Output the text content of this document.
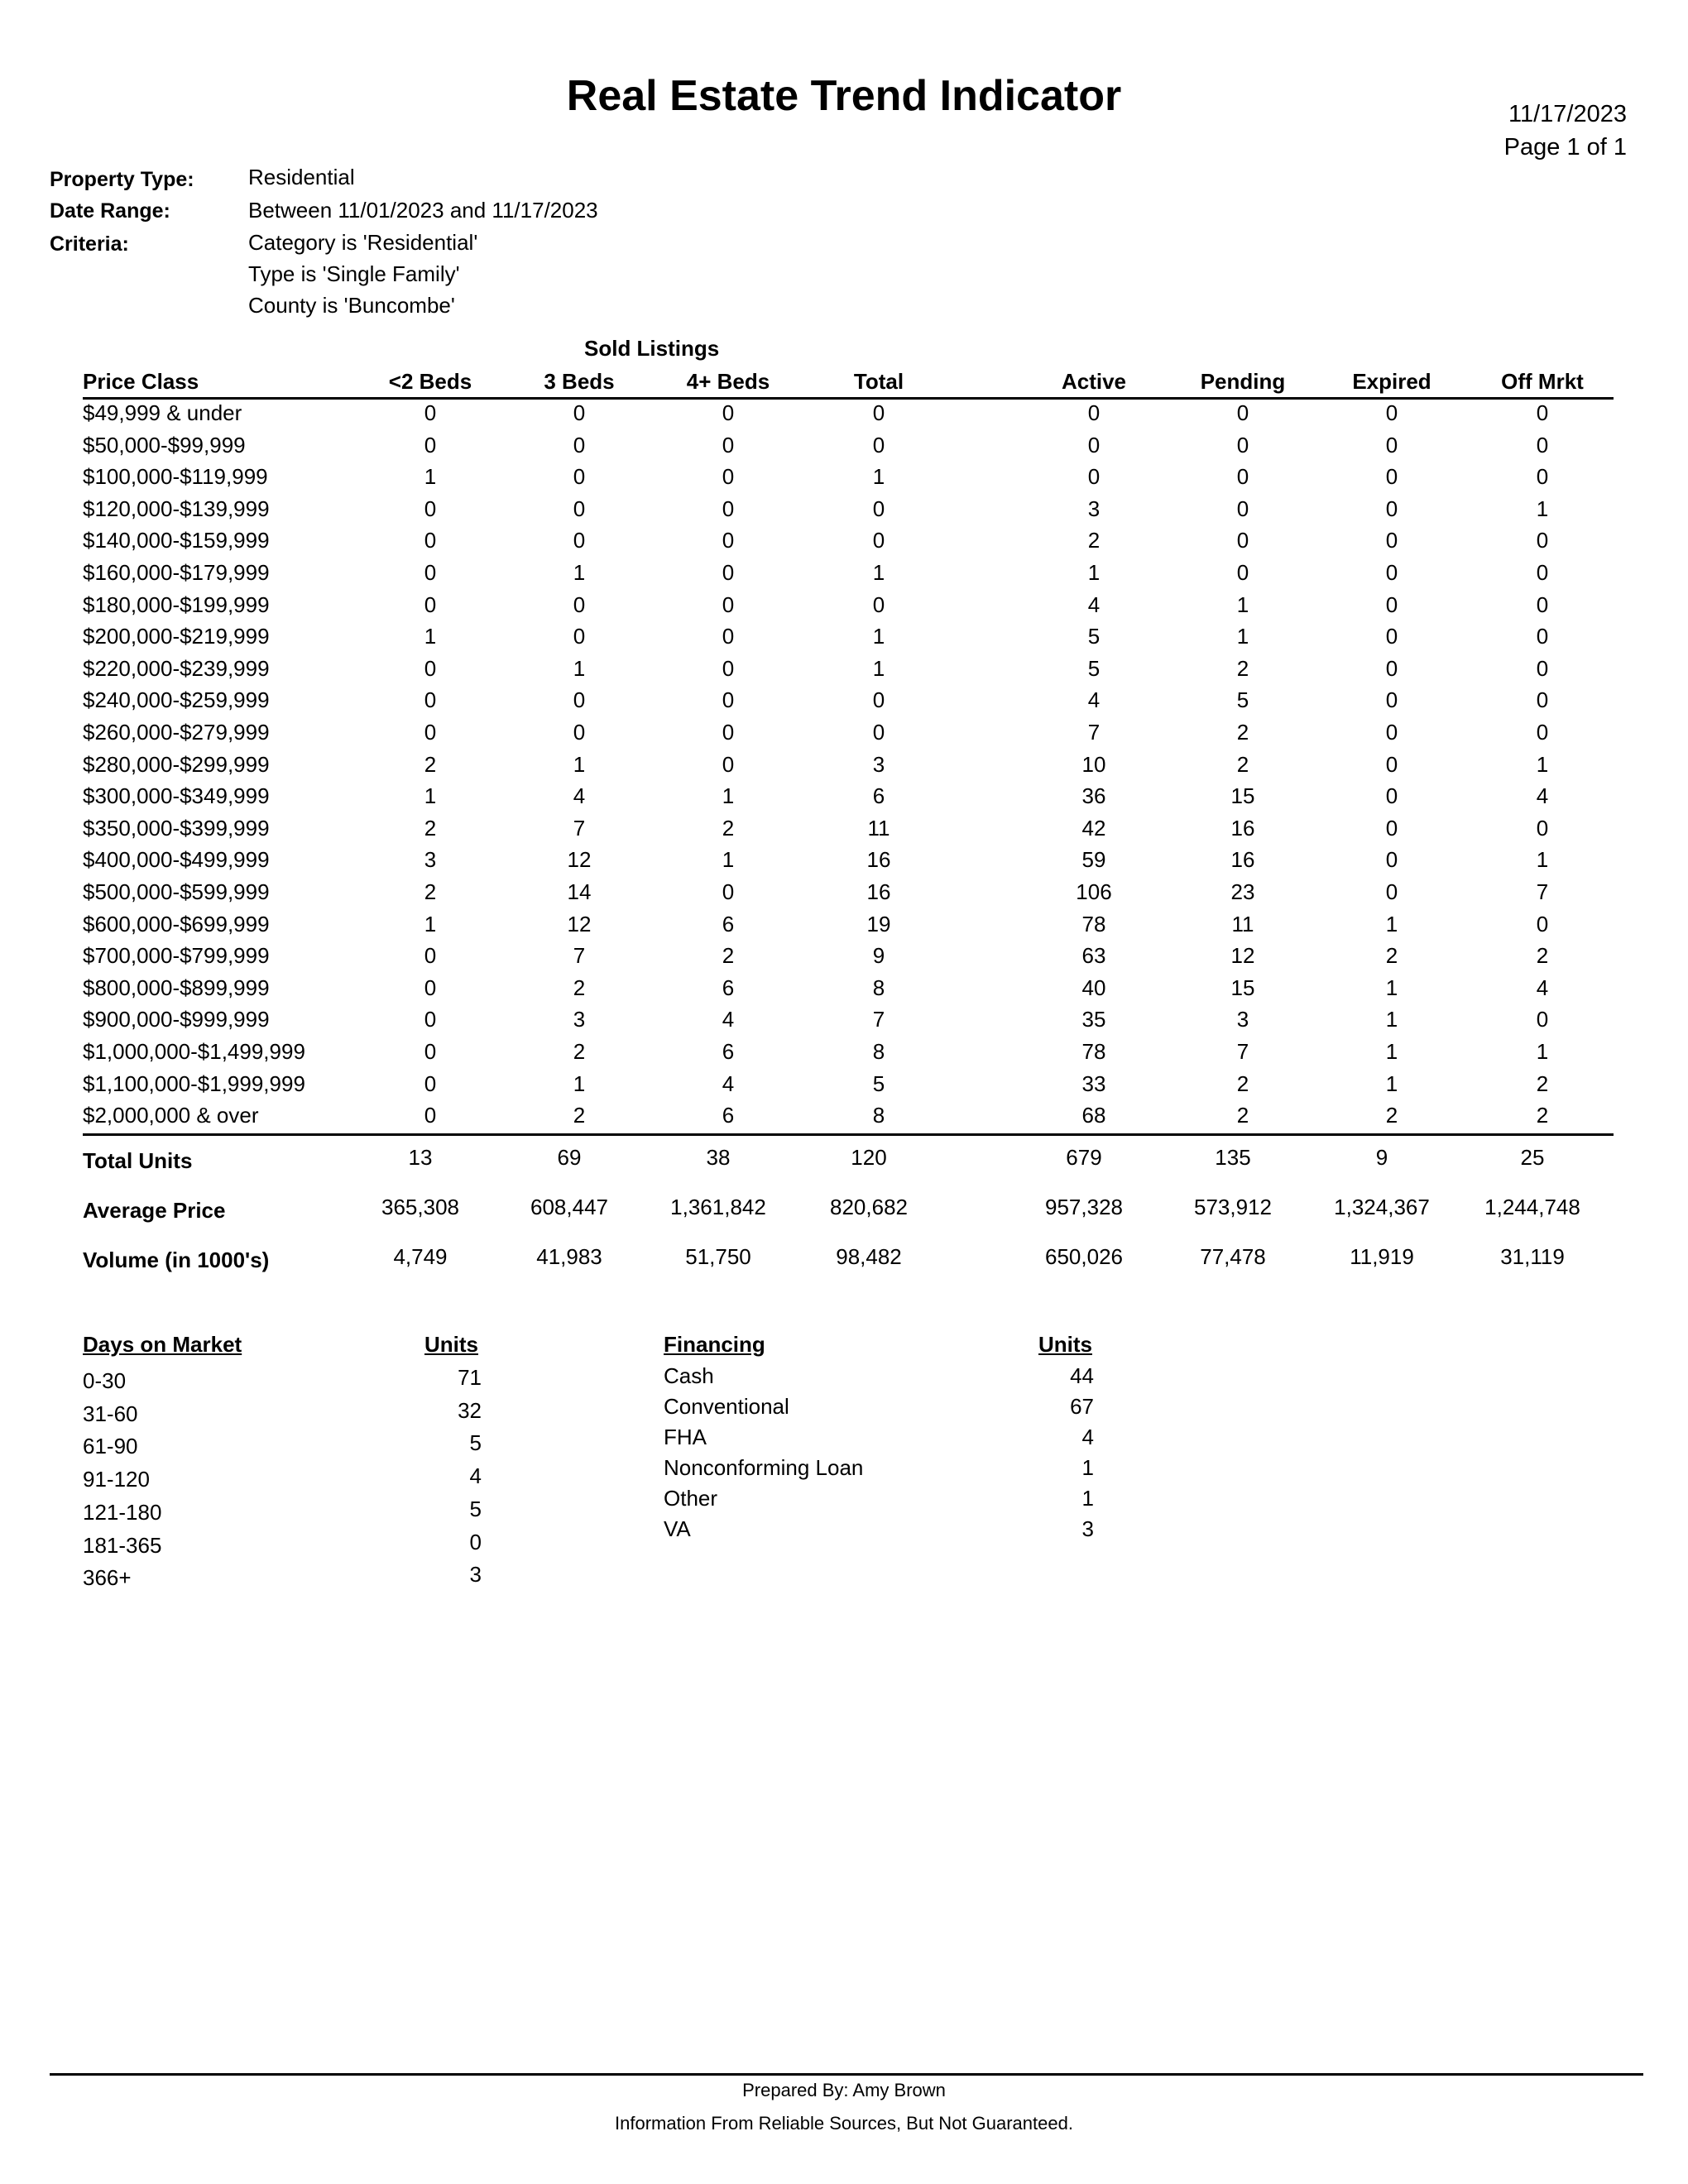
Real Estate Trend Indicator	11/17/2023
Page 1 of 1
Property Type:	Residential
Date Range:	Between 11/01/2023 and 11/17/2023
Criteria:	Category is 'Residential'
Type is 'Single Family'
County is 'Buncombe'
Sold Listings
Price Class	<2 Beds	3 Beds	4+ Beds	Total	Active	Pending	Expired	Off Mrkt
$49,999 & under	0	0	0	0	0	0	0	0
$50,000-$99,999	0	0	0	0	0	0	0	0
$100,000-$119,999	1	0	0	1	0	0	0	0
$120,000-$139,999	0	0	0	0	3	0	0	1
$140,000-$159,999	0	0	0	0	2	0	0	0
$160,000-$179,999	0	1	0	1	1	0	0	0
$180,000-$199,999	0	0	0	0	4	1	0	0
$200,000-$219,999	1	0	0	1	5	1	0	0
$220,000-$239,999	0	1	0	1	5	2	0	0
$240,000-$259,999	0	0	0	0	4	5	0	0
$260,000-$279,999	0	0	0	0	7	2	0	0
$280,000-$299,999	2	1	0	3	10	2	0	1
$300,000-$349,999	1	4	1	6	36	15	0	4
$350,000-$399,999	2	7	2	11	42	16	0	0
$400,000-$499,999	3	12	1	16	59	16	0	1
$500,000-$599,999	2	14	0	16	106	23	0	7
$600,000-$699,999	1	12	6	19	78	11	1	0
$700,000-$799,999	0	7	2	9	63	12	2	2
$800,000-$899,999	0	2	6	8	40	15	1	4
$900,000-$999,999	0	3	4	7	35	3	1	0
$1,000,000-$1,499,999	0	2	6	8	78	7	1	1
$1,100,000-$1,999,999	0	1	4	5	33	2	1	2
$2,000,000 & over	0	2	6	8	68	2	2	2
Total Units	13	69	38	120	679	135	9	25
Average Price	365,308	608,447	1,361,842	820,682	957,328	573,912	1,324,367	1,244,748
Volume (in 1000's)	4,749	41,983	51,750	98,482	650,026	77,478	11,919	31,119
Days on Market	Units
0-30	71
31-60	32
61-90	5
91-120	4
121-180	5
181-365	0
366+	3
Financing	Units
Cash	44
Conventional	67
FHA	4
Nonconforming Loan	1
Other	1
VA	3
Prepared By: Amy Brown
Information From Reliable Sources, But Not Guaranteed.
